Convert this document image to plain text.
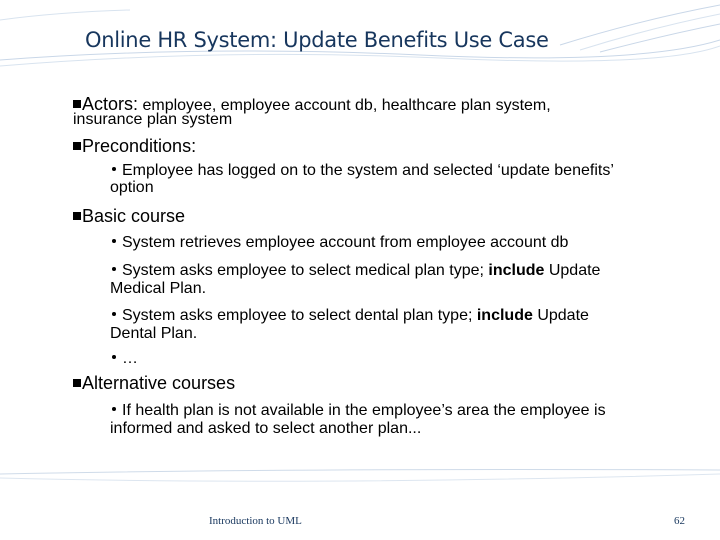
Online HR System: Update Benefits Use Case
Actors: employee, employee account db, healthcare plan system,
insurance plan system
Preconditions:
Employee has logged on to the system and selected ‘update benefits’
option
Basic course
System retrieves employee account from employee account db
System asks employee to select medical plan type; include Update
Medical Plan.
System asks employee to select dental plan type; include Update
Dental Plan.
…
Alternative courses
If health plan is not available in the employee’s area the employee is
informed and asked to select another plan...
Introduction to UML	62
